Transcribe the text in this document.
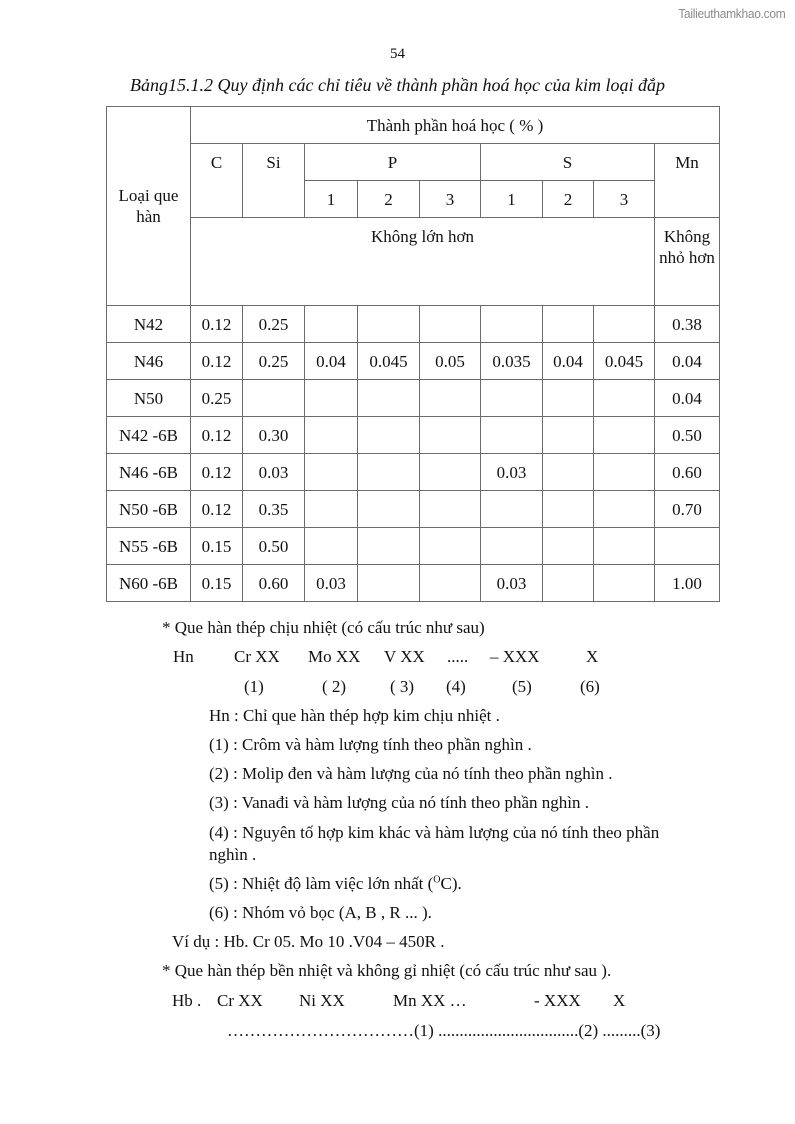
Tailieuthamkhao.com
54
Bảng15.1.2 Quy định các chỉ tiêu về thành phần hoá học của kim loại đắp
Loại que hàn	Thành phần hoá học ( % )								
	C	Si	P			S			Mn
			1	2	3	1	2	3	
	Không lớn hơn								Không nhỏ hơn
N42	0.12	0.25							0.38
N46	0.12	0.25	0.04	0.045	0.05	0.035	0.04	0.045	0.04
N50	0.25								0.04
N42 -6B	0.12	0.30							0.50
N46 -6B	0.12	0.03				0.03			0.60
N50 -6B	0.12	0.35							0.70
N55 -6B	0.15	0.50							
N60 -6B	0.15	0.60	0.03			0.03			1.00
* Que hàn thép chịu nhiệt (có cấu trúc như sau)
Hn Cr XX Mo XX V XX ..... – XXX	X
(1)	( 2)	( 3) (4)	(5)	(6)
Hn : Chỉ que hàn thép hợp kim chịu nhiệt .
(1) : Crôm và hàm lượng tính theo phần nghìn .
(2) : Molip đen và hàm lượng của nó tính theo phần nghìn .
(3) : Vanađi và hàm lượng của nó tính theo phần nghìn .
(4) : Nguyên tố hợp kim khác và hàm lượng của nó tính theo phần
nghìn .
(5) : Nhiệt độ làm việc lớn nhất ($^O$C).
(6) : Nhóm vỏ bọc (A, B , R ... ).
Ví dụ : Hb. Cr 05. Mo 10 .V04 – 450R .
* Que hàn thép bền nhiệt và không gỉ nhiệt (có cấu trúc như sau ).
Hb . Cr XX Ni XX	Mn XX …	- XXX X
……………………………(1) .................................(2) .........(3)
